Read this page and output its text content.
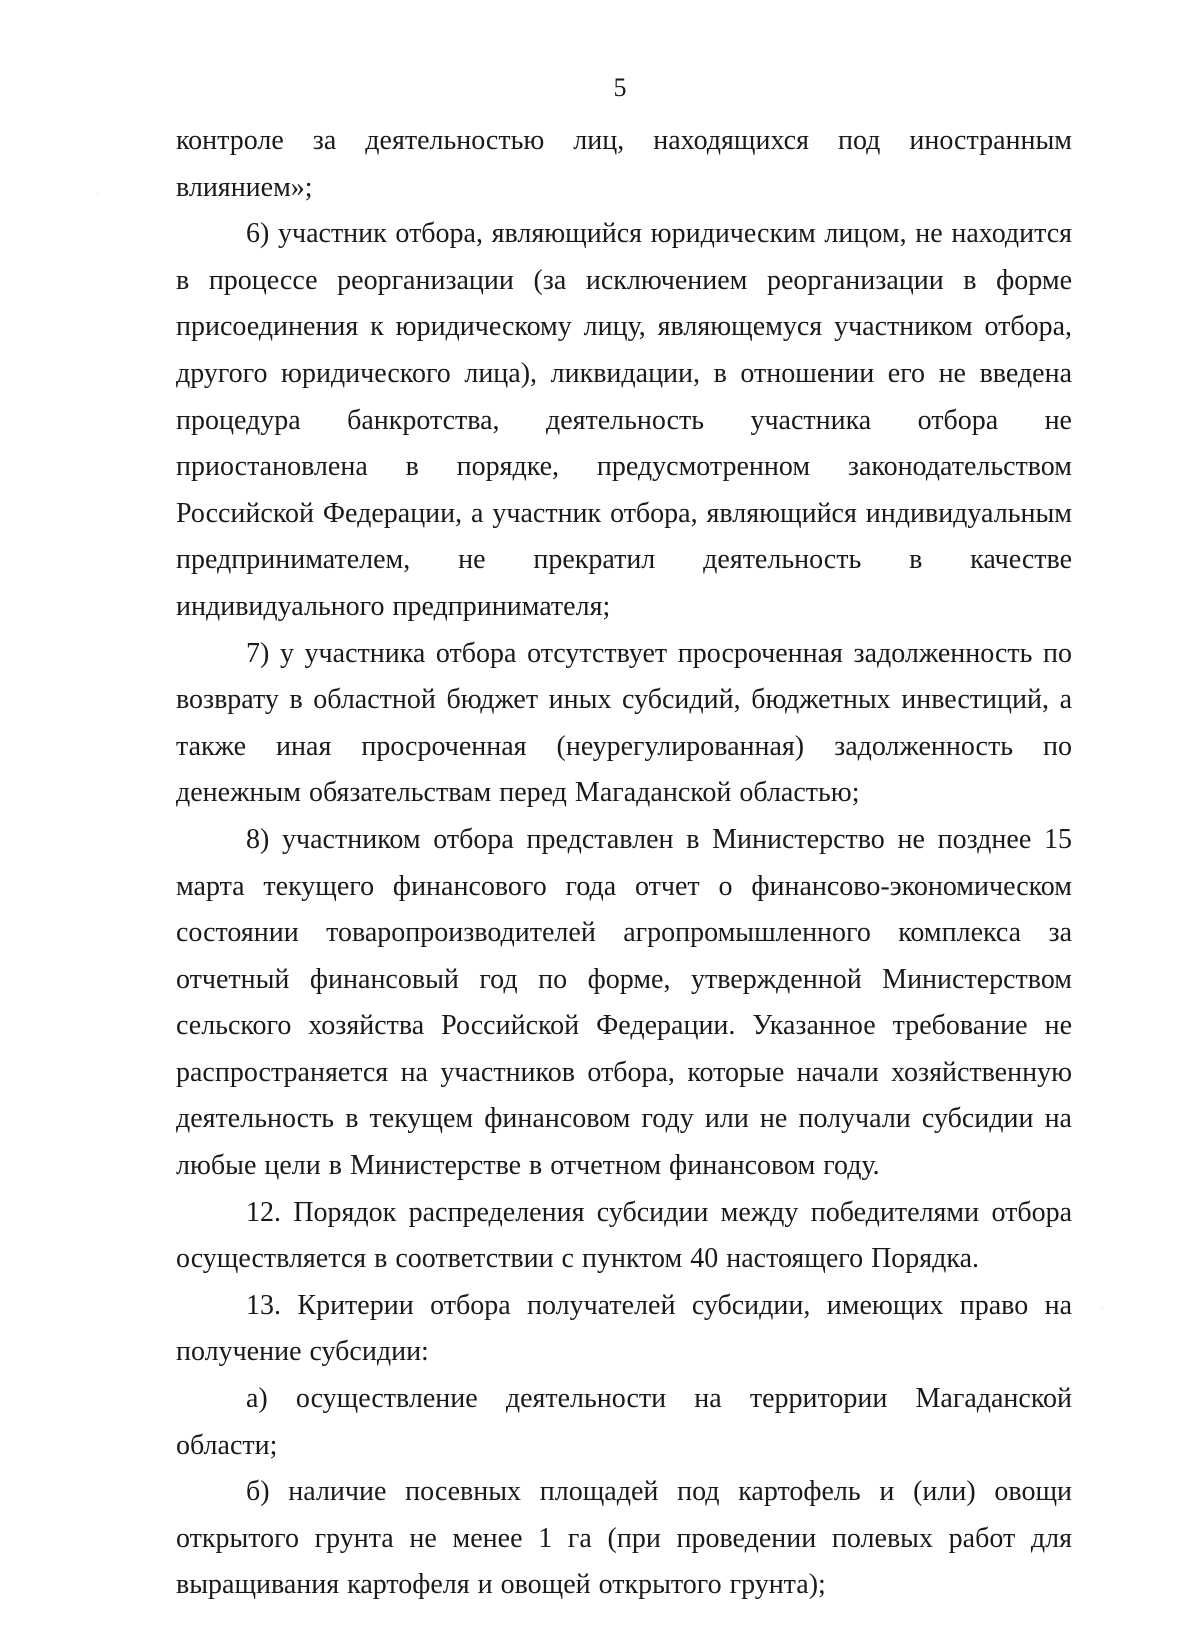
·
·
5

контроле за деятельностью лиц, находящихся под иностранным влиянием»;

6) участник отбора, являющийся юридическим лицом, не находится в процессе реорганизации (за исключением реорганизации в форме присоединения к юридическому лицу, являющемуся участником отбора, другого юридического лица), ликвидации, в отношении его не введена процедура банкротства, деятельность участника отбора не приостановлена в порядке, предусмотренном законодательством Российской Федерации, а участник отбора, являющийся индивидуальным предпринимателем, не прекратил деятельность в качестве индивидуального предпринимателя;

7) у участника отбора отсутствует просроченная задолженность по возврату в областной бюджет иных субсидий, бюджетных инвестиций, а также иная просроченная (неурегулированная) задолженность по денежным обязательствам перед Магаданской областью;

8) участником отбора представлен в Министерство не позднее 15 марта текущего финансового года отчет о финансово-экономическом состоянии товаропроизводителей агропромышленного комплекса за отчетный финансовый год по форме, утвержденной Министерством сельского хозяйства Российской Федерации. Указанное требование не распространяется на участников отбора, которые начали хозяйственную деятельность в текущем финансовом году или не получали субсидии на любые цели в Министерстве в отчетном финансовом году.

12. Порядок распределения субсидии между победителями отбора осуществляется в соответствии с пунктом 40 настоящего Порядка.

13. Критерии отбора получателей субсидии, имеющих право на получение субсидии:

а) осуществление деятельности на территории Магаданской области;

б) наличие посевных площадей под картофель и (или) овощи открытого грунта не менее 1 га (при проведении полевых работ для выращивания картофеля и овощей открытого грунта);
